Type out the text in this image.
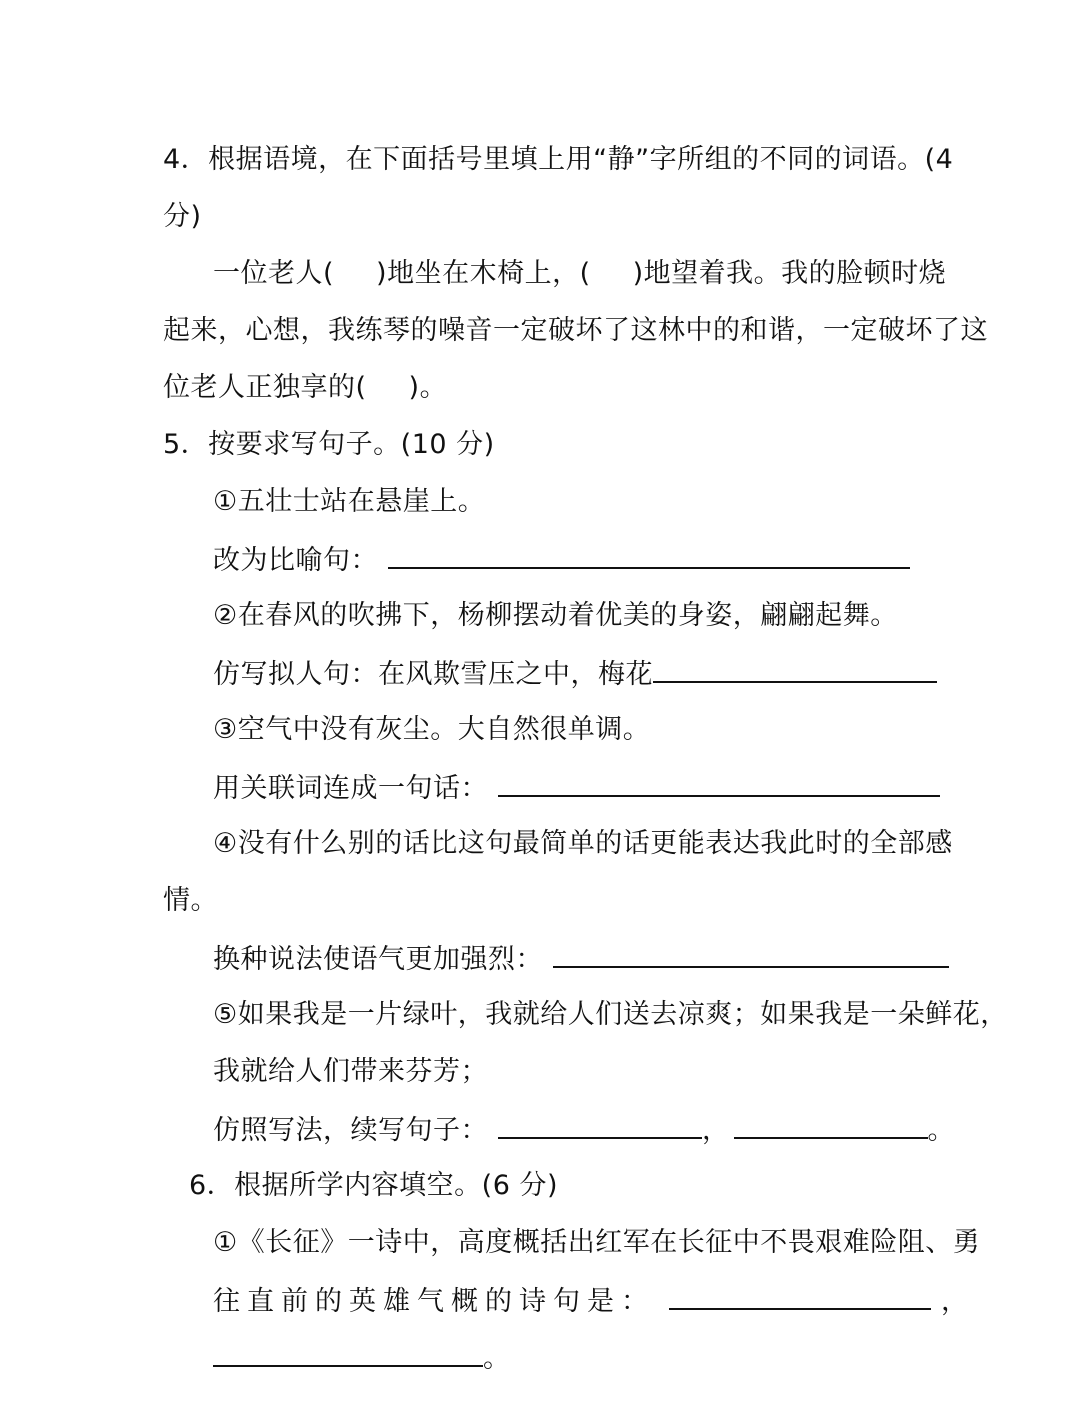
4．根据语境，在下面括号里填上用“静”字所组的不同的词语。(4
分)
一位老人( )地坐在木椅上，( )地望着我。我的脸顿时烧
起来，心想，我练琴的噪音一定破坏了这林中的和谐，一定破坏了这
位老人正独享的( )。
5．按要求写句子。(10 分)
①五壮士站在悬崖上。
改为比喻句：
②在春风的吹拂下，杨柳摆动着优美的身姿，翩翩起舞。
仿写拟人句：在风欺雪压之中，梅花
③空气中没有灰尘。大自然很单调。
用关联词连成一句话：
④没有什么别的话比这句最简单的话更能表达我此时的全部感
情。
换种说法使语气更加强烈：
⑤如果我是一片绿叶，我就给人们送去凉爽；如果我是一朵鲜花，
我就给人们带来芬芳；
仿照写法，续写句子：	，	。
6．根据所学内容填空。(6 分)
①《长征》一诗中，高度概括出红军在长征中不畏艰难险阻、勇
往直前的英雄气概的诗句是：	，
。
